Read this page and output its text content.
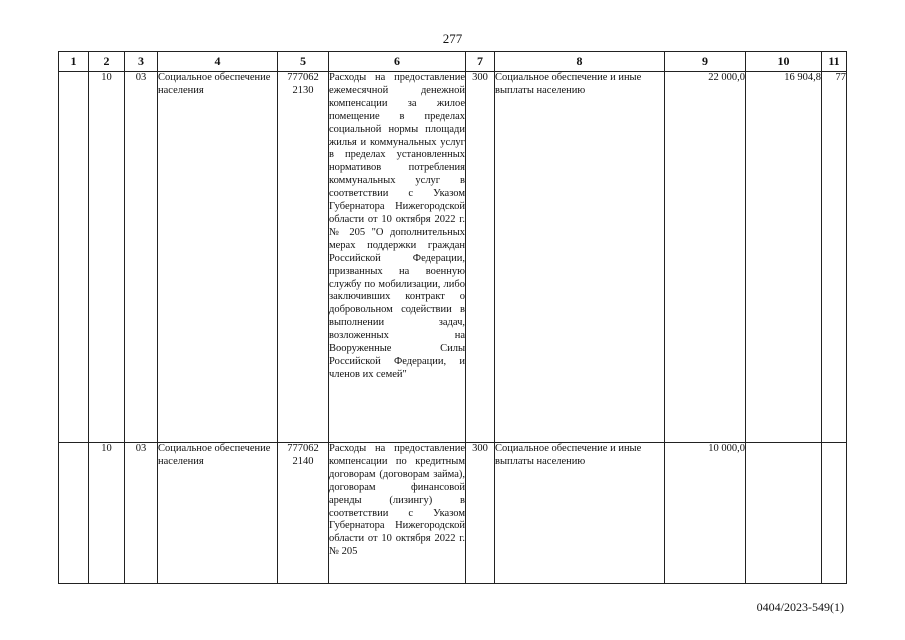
277
1	2	3	4	5	6	7	8	9	10	11
	10	03	Социальное обеспечение населения	777062 2130	Расходы на предоставление ежемесячной денежной компенсации за жилое помещение в пределах социальной нормы площади жилья и коммунальных услуг в пределах установленных нормативов потребления коммунальных услуг в соответствии с Указом Губернатора Нижегородской области от 10 октября 2022 г. № 205 "О дополнительных мерах поддержки граждан Российской Федерации, призванных на военную службу по мобилизации, либо заключивших контракт о добровольном содействии в выполнении задач, возложенных на Вооруженные Силы Российской Федерации, и членов их семей"	300	Социальное обеспечение и иные выплаты населению	22 000,0	16 904,8	77
	10	03	Социальное обеспечение населения	777062 2140	Расходы на предоставление компенсации по кредитным договорам (договорам займа), договорам финансовой аренды (лизингу) в соответствии с Указом Губернатора Нижегородской области от 10 октября 2022 г. № 205	300	Социальное обеспечение и иные выплаты населению	10 000,0		
0404/2023-549(1)
